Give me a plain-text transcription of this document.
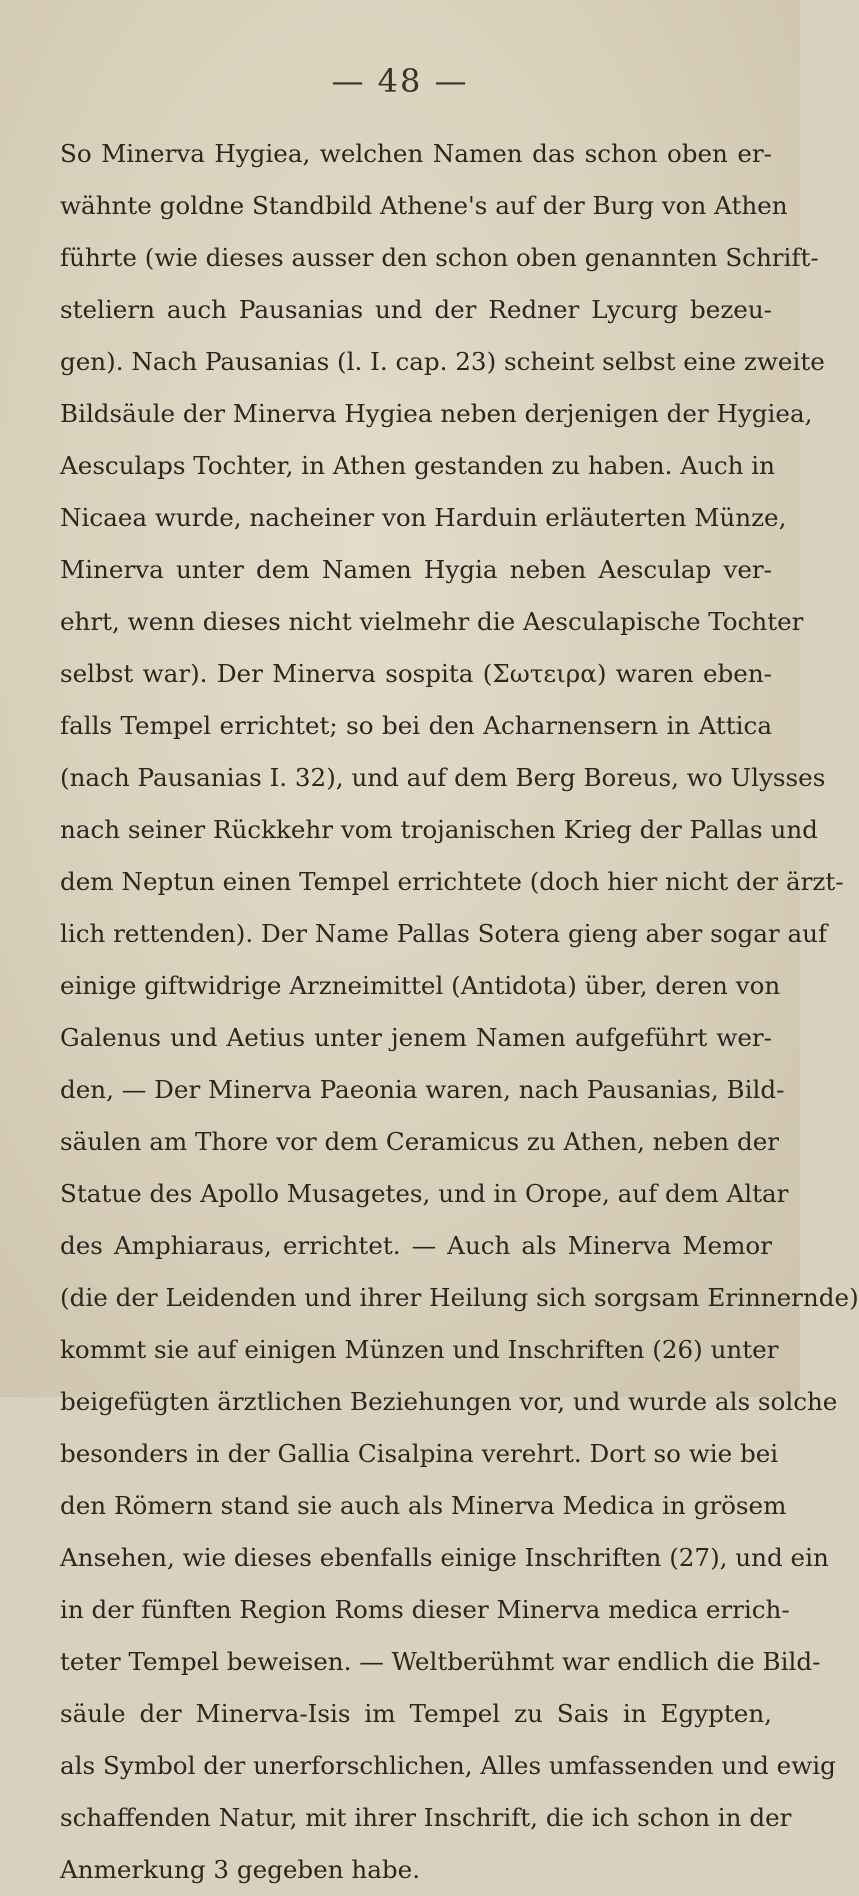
— 48 —
So Minerva Hygiea, welchen Namen das schon oben er-
wähnte goldne Standbild Athene's auf der Burg von Athen
führte (wie dieses ausser den schon oben genannten Schrift-
steliern auch Pausanias und der Redner Lycurg bezeu-
gen). Nach Pausanias (l. I. cap. 23) scheint selbst eine zweite
Bildsäule der Minerva Hygiea neben derjenigen der Hygiea,
Aesculaps Tochter, in Athen gestanden zu haben. Auch in
Nicaea wurde, nacheiner von Harduin erläuterten Münze,
Minerva unter dem Namen Hygia neben Aesculap ver-
ehrt, wenn dieses nicht vielmehr die Aesculapische Tochter
selbst war). Der Minerva sospita (Σωτειρα) waren eben-
falls Tempel errichtet; so bei den Acharnensern in Attica
(nach Pausanias I. 32), und auf dem Berg Boreus, wo Ulysses
nach seiner Rückkehr vom trojanischen Krieg der Pallas und
dem Neptun einen Tempel errichtete (doch hier nicht der ärzt-
lich rettenden). Der Name Pallas Sotera gieng aber sogar auf
einige giftwidrige Arzneimittel (Antidota) über, deren von
Galenus und Aetius unter jenem Namen aufgeführt wer-
den, — Der Minerva Paeonia waren, nach Pausanias, Bild-
säulen am Thore vor dem Ceramicus zu Athen, neben der
Statue des Apollo Musagetes, und in Orope, auf dem Altar
des Amphiaraus, errichtet. — Auch als Minerva Memor
(die der Leidenden und ihrer Heilung sich sorgsam Erinnernde)
kommt sie auf einigen Münzen und Inschriften (26) unter
beigefügten ärztlichen Beziehungen vor, und wurde als solche
besonders in der Gallia Cisalpina verehrt. Dort so wie bei
den Römern stand sie auch als Minerva Medica in grösem
Ansehen, wie dieses ebenfalls einige Inschriften (27), und ein
in der fünften Region Roms dieser Minerva medica errich-
teter Tempel beweisen. — Weltberühmt war endlich die Bild-
säule der Minerva-Isis im Tempel zu Sais in Egypten,
als Symbol der unerforschlichen, Alles umfassenden und ewig
schaffenden Natur, mit ihrer Inschrift, die ich schon in der
Anmerkung 3 gegeben habe.
